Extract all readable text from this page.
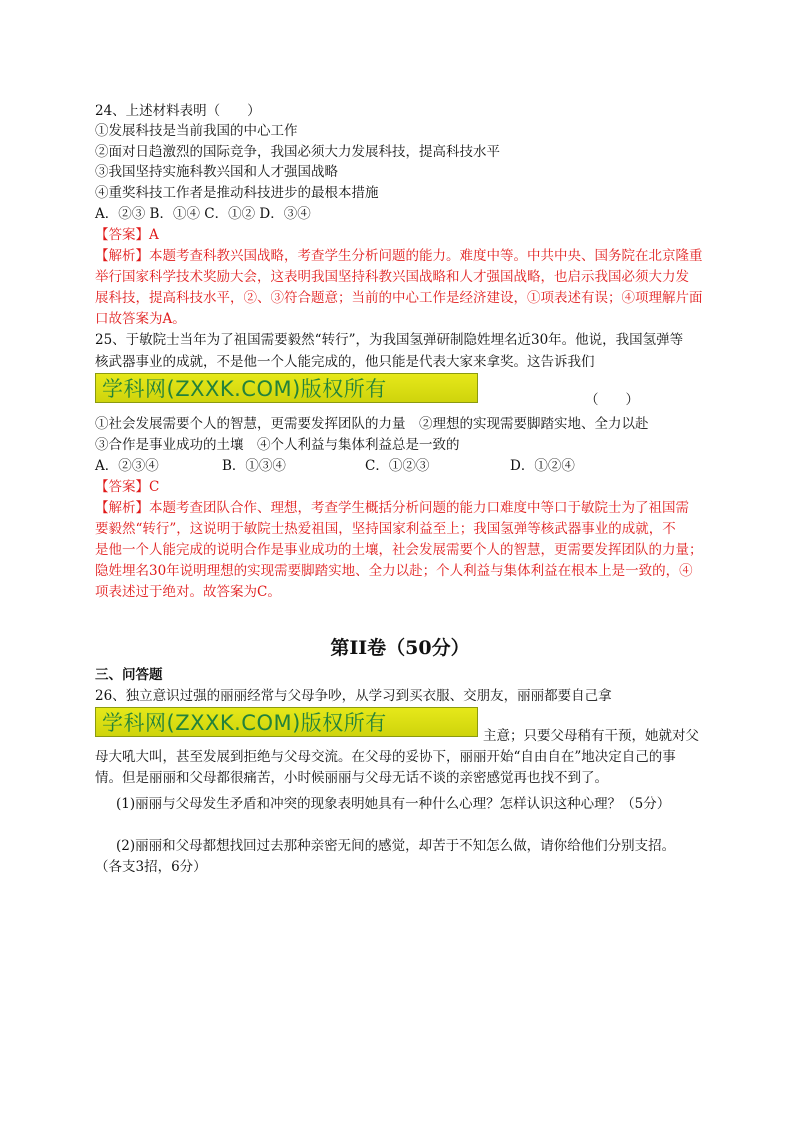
24、上述材料表明（　　）
①发展科技是当前我国的中心工作
②面对日趋激烈的国际竞争，我国必须大力发展科技，提高科技水平
③我国坚持实施科教兴国和人才强国战略
④重奖科技工作者是推动科技进步的最根本措施
A．②③ B．①④ C．①② D．③④
【答案】A
【解析】本题考查科教兴国战略，考查学生分析问题的能力。难度中等。中共中央、国务院在北京隆重
举行国家科学技术奖励大会，这表明我国坚持科教兴国战略和人才强国战略，也启示我国必须大力发
展科技，提高科技水平，②、③符合题意；当前的中心工作是经济建设，①项表述有误；④项理解片面
口故答案为A。
25、于敏院士当年为了祖国需要毅然“转行”，为我国氢弹研制隐姓埋名近30年。他说，我国氢弹等
核武器事业的成就，不是他一个人能完成的，他只能是代表大家来拿奖。这告诉我们
学科网(ZXXK.COM)版权所有	（　　）
①社会发展需要个人的智慧，更需要发挥团队的力量　②理想的实现需要脚踏实地、全力以赴
③合作是事业成功的土壤　④个人利益与集体利益总是一致的
A．②③④	B．①③④	C．①②③	D．①②④
【答案】C
【解析】本题考查团队合作、理想，考查学生概括分析问题的能力口难度中等口于敏院士为了祖国需
要毅然“转行”，这说明于敏院士热爱祖国，坚持国家利益至上；我国氢弹等核武器事业的成就，不
是他一个人能完成的说明合作是事业成功的土壤，社会发展需要个人的智慧，更需要发挥团队的力量；
隐姓埋名30年说明理想的实现需要脚踏实地、全力以赴；个人利益与集体利益在根本上是一致的，④
项表述过于绝对。故答案为C。
第II卷（50分）
三、问答题
26、独立意识过强的丽丽经常与父母争吵，从学习到买衣服、交朋友，丽丽都要自己拿
学科网(ZXXK.COM)版权所有
主意；只要父母稍有干预，她就对父
母大吼大叫，甚至发展到拒绝与父母交流。在父母的妥协下，丽丽开始“自由自在”地决定自己的事
情。但是丽丽和父母都很痛苦，小时候丽丽与父母无话不谈的亲密感觉再也找不到了。
(1)丽丽与父母发生矛盾和冲突的现象表明她具有一种什么心理？怎样认识这种心理？（5分）
(2)丽丽和父母都想找回过去那种亲密无间的感觉，却苦于不知怎么做，请你给他们分别支招。
（各支3招，6分）
